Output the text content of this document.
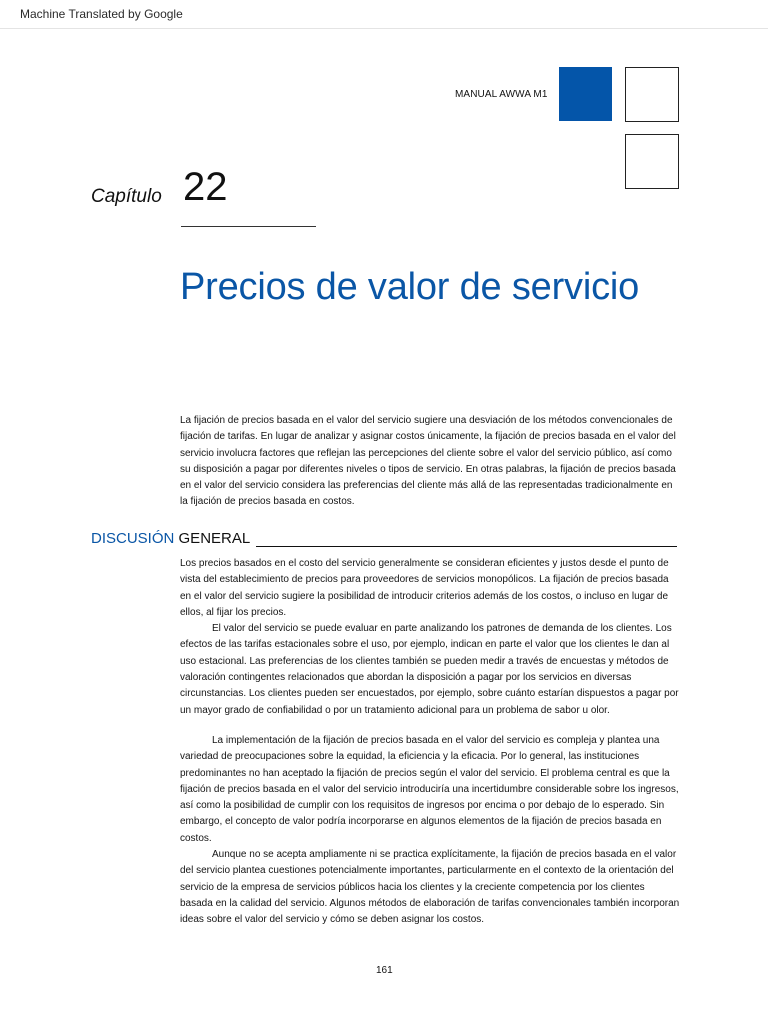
Machine Translated by Google
MANUAL AWWA M1
Capítulo 22
Precios de valor de servicio

La fijación de precios basada en el valor del servicio sugiere una desviación de los métodos convencionales de fijación de tarifas. En lugar de analizar y asignar costos únicamente, la fijación de precios basada en el valor del servicio involucra factores que reflejan las percepciones del cliente sobre el valor del servicio público, así como su disposición a pagar por diferentes niveles o tipos de servicio. En otras palabras, la fijación de precios basada en el valor del servicio considera las preferencias del cliente más allá de las representadas tradicionalmente en la fijación de precios basada en costos.

DISCUSIÓN GENERAL

Los precios basados en el costo del servicio generalmente se consideran eficientes y justos desde el punto de vista del establecimiento de precios para proveedores de servicios monopólicos. La fijación de precios basada en el valor del servicio sugiere la posibilidad de introducir criterios además de los costos, o incluso en lugar de ellos, al fijar los precios.

El valor del servicio se puede evaluar en parte analizando los patrones de demanda de los clientes. Los efectos de las tarifas estacionales sobre el uso, por ejemplo, indican en parte el valor que los clientes le dan al uso estacional. Las preferencias de los clientes también se pueden medir a través de encuestas y métodos de valoración contingentes relacionados que abordan la disposición a pagar por los servicios en diversas circunstancias. Los clientes pueden ser encuestados, por ejemplo, sobre cuánto estarían dispuestos a pagar por un mayor grado de confiabilidad o por un tratamiento adicional para un problema de sabor u olor.

La implementación de la fijación de precios basada en el valor del servicio es compleja y plantea una variedad de preocupaciones sobre la equidad, la eficiencia y la eficacia. Por lo general, las instituciones predominantes no han aceptado la fijación de precios según el valor del servicio. El problema central es que la fijación de precios basada en el valor del servicio introduciría una incertidumbre considerable sobre los ingresos, así como la posibilidad de cumplir con los requisitos de ingresos por encima o por debajo de lo esperado. Sin embargo, el concepto de valor podría incorporarse en algunos elementos de la fijación de precios basada en costos.

Aunque no se acepta ampliamente ni se practica explícitamente, la fijación de precios basada en el valor del servicio plantea cuestiones potencialmente importantes, particularmente en el contexto de la orientación del servicio de la empresa de servicios públicos hacia los clientes y la creciente competencia por los clientes basada en la calidad del servicio. Algunos métodos de elaboración de tarifas convencionales también incorporan ideas sobre el valor del servicio y cómo se deben asignar los costos.

161
